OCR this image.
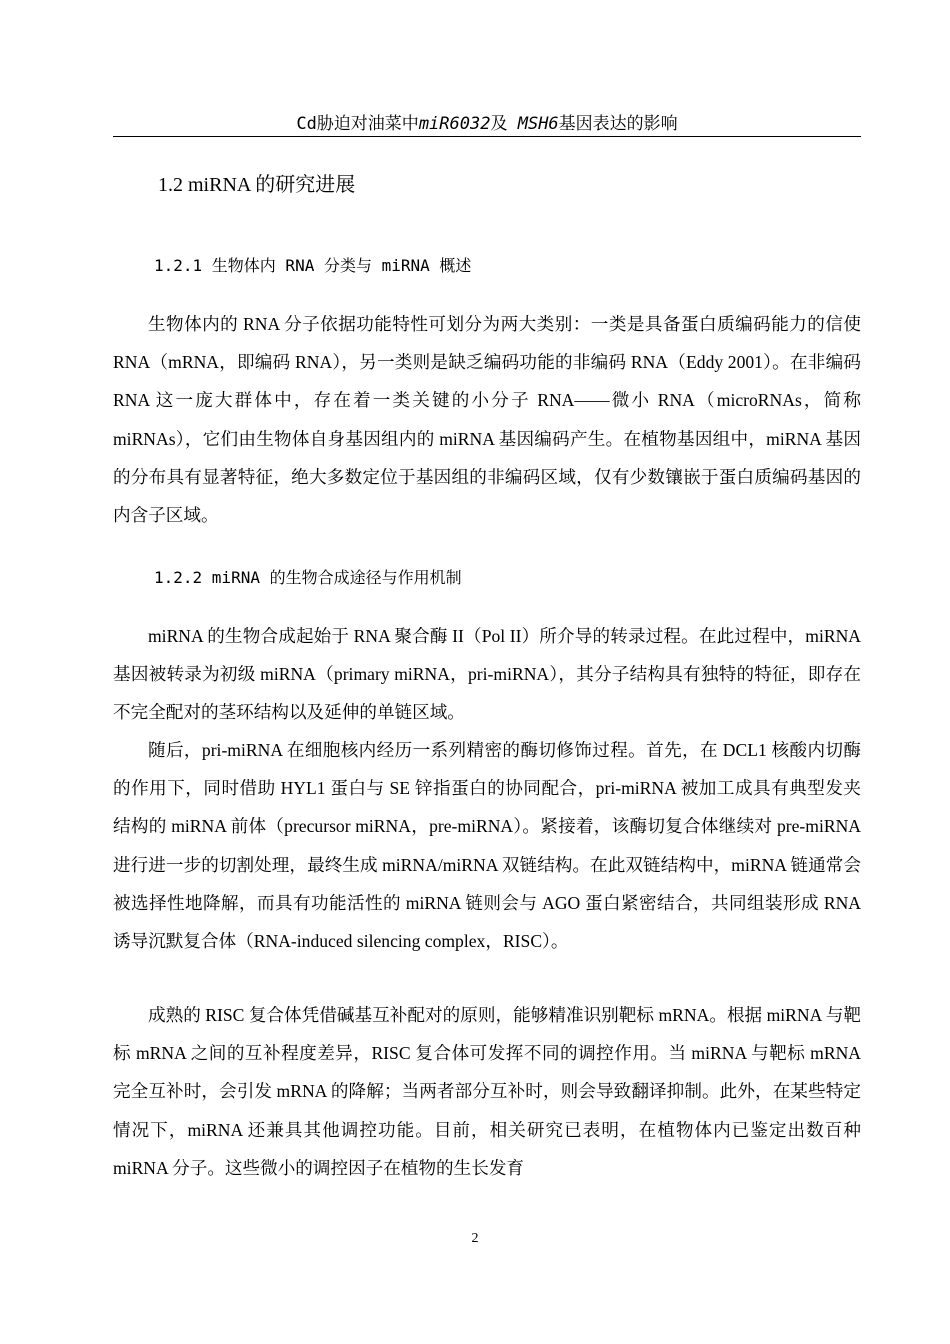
Cd胁迫对油菜中miR6032及 MSH6基因表达的影响
1.2 miRNA 的研究进展
1.2.1 生物体内 RNA 分类与 miRNA 概述

生物体内的 RNA 分子依据功能特性可划分为两大类别：一类是具备蛋白质编码能力的信使 RNA（mRNA，即编码 RNA），另一类则是缺乏编码功能的非编码 RNA（Eddy 2001）。在非编码 RNA 这一庞大群体中，存在着一类关键的小分子 RNA——微小 RNA（microRNAs，简称 miRNAs），它们由生物体自身基因组内的 miRNA 基因编码产生。在植物基因组中，miRNA 基因的分布具有显著特征，绝大多数定位于基因组的非编码区域，仅有少数镶嵌于蛋白质编码基因的内含子区域。

1.2.2 miRNA 的生物合成途径与作用机制

miRNA 的生物合成起始于 RNA 聚合酶 II（Pol II）所介导的转录过程。在此过程中，miRNA 基因被转录为初级 miRNA（primary miRNA，pri-miRNA），其分子结构具有独特的特征，即存在不完全配对的茎环结构以及延伸的单链区域。

随后，pri-miRNA 在细胞核内经历一系列精密的酶切修饰过程。首先，在 DCL1 核酸内切酶的作用下，同时借助 HYL1 蛋白与 SE 锌指蛋白的协同配合，pri-miRNA 被加工成具有典型发夹结构的 miRNA 前体（precursor miRNA，pre-miRNA）。紧接着，该酶切复合体继续对 pre-miRNA 进行进一步的切割处理，最终生成 miRNA/miRNA 双链结构。在此双链结构中，miRNA 链通常会被选择性地降解，而具有功能活性的 miRNA 链则会与 AGO 蛋白紧密结合，共同组装形成 RNA 诱导沉默复合体（RNA-induced silencing complex，RISC）。

成熟的 RISC 复合体凭借碱基互补配对的原则，能够精准识别靶标 mRNA。根据 miRNA 与靶标 mRNA 之间的互补程度差异，RISC 复合体可发挥不同的调控作用。当 miRNA 与靶标 mRNA 完全互补时，会引发 mRNA 的降解；当两者部分互补时，则会导致翻译抑制。此外，在某些特定情况下，miRNA 还兼具其他调控功能。目前，相关研究已表明，在植物体内已鉴定出数百种 miRNA 分子。这些微小的调控因子在植物的生长发育

2
